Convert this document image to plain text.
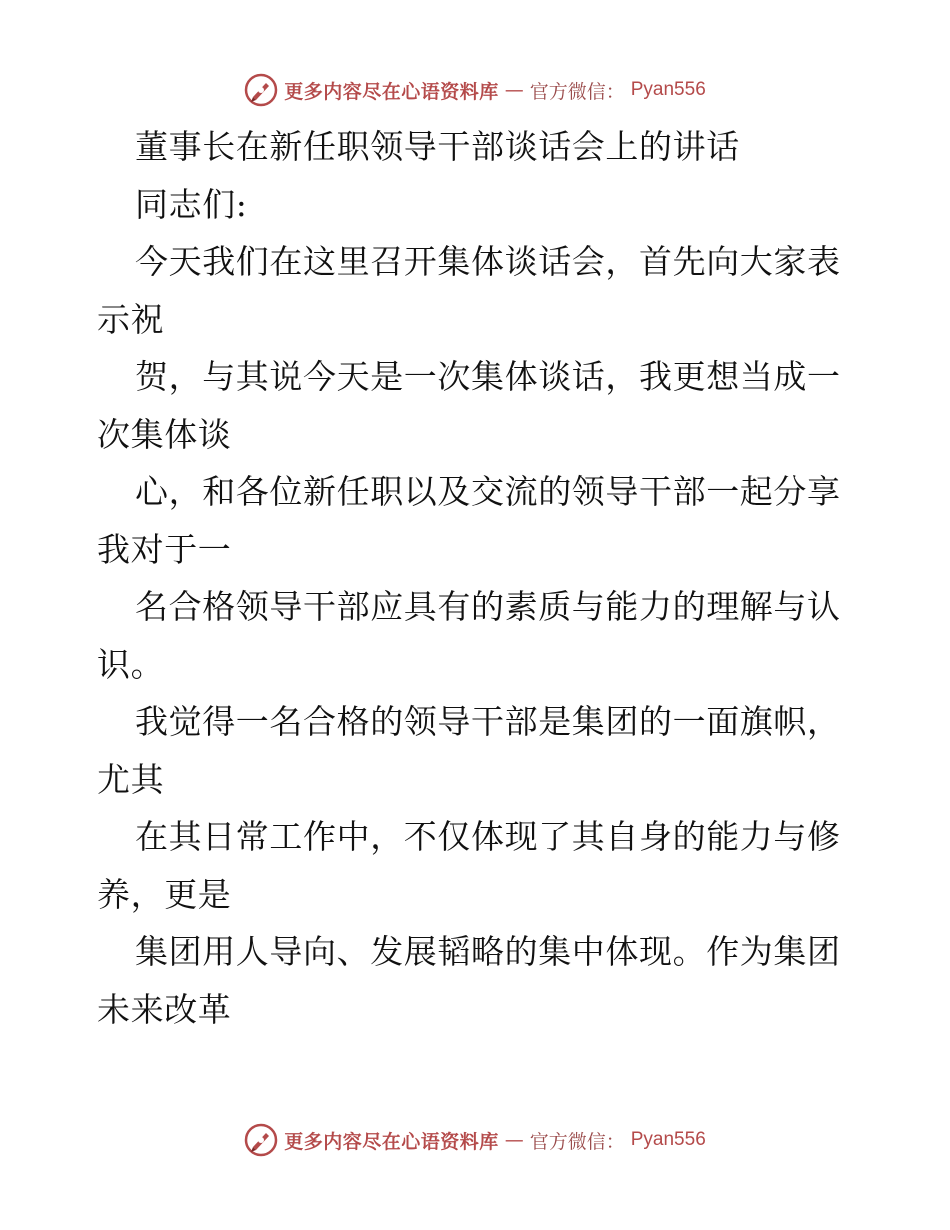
更多内容尽在心语资料库 — 官方微信： Pyan556
董事长在新任职领导干部谈话会上的讲话
同志们:
今天我们在这里召开集体谈话会，首先向大家表
示祝
贺，与其说今天是一次集体谈话，我更想当成一
次集体谈
心，和各位新任职以及交流的领导干部一起分享
我对于一
名合格领导干部应具有的素质与能力的理解与认
识。
我觉得一名合格的领导干部是集团的一面旗帜，
尤其
在其日常工作中，不仅体现了其自身的能力与修
养，更是
集团用人导向、发展韬略的集中体现。作为集团
未来改革
更多内容尽在心语资料库 — 官方微信： Pyan556
